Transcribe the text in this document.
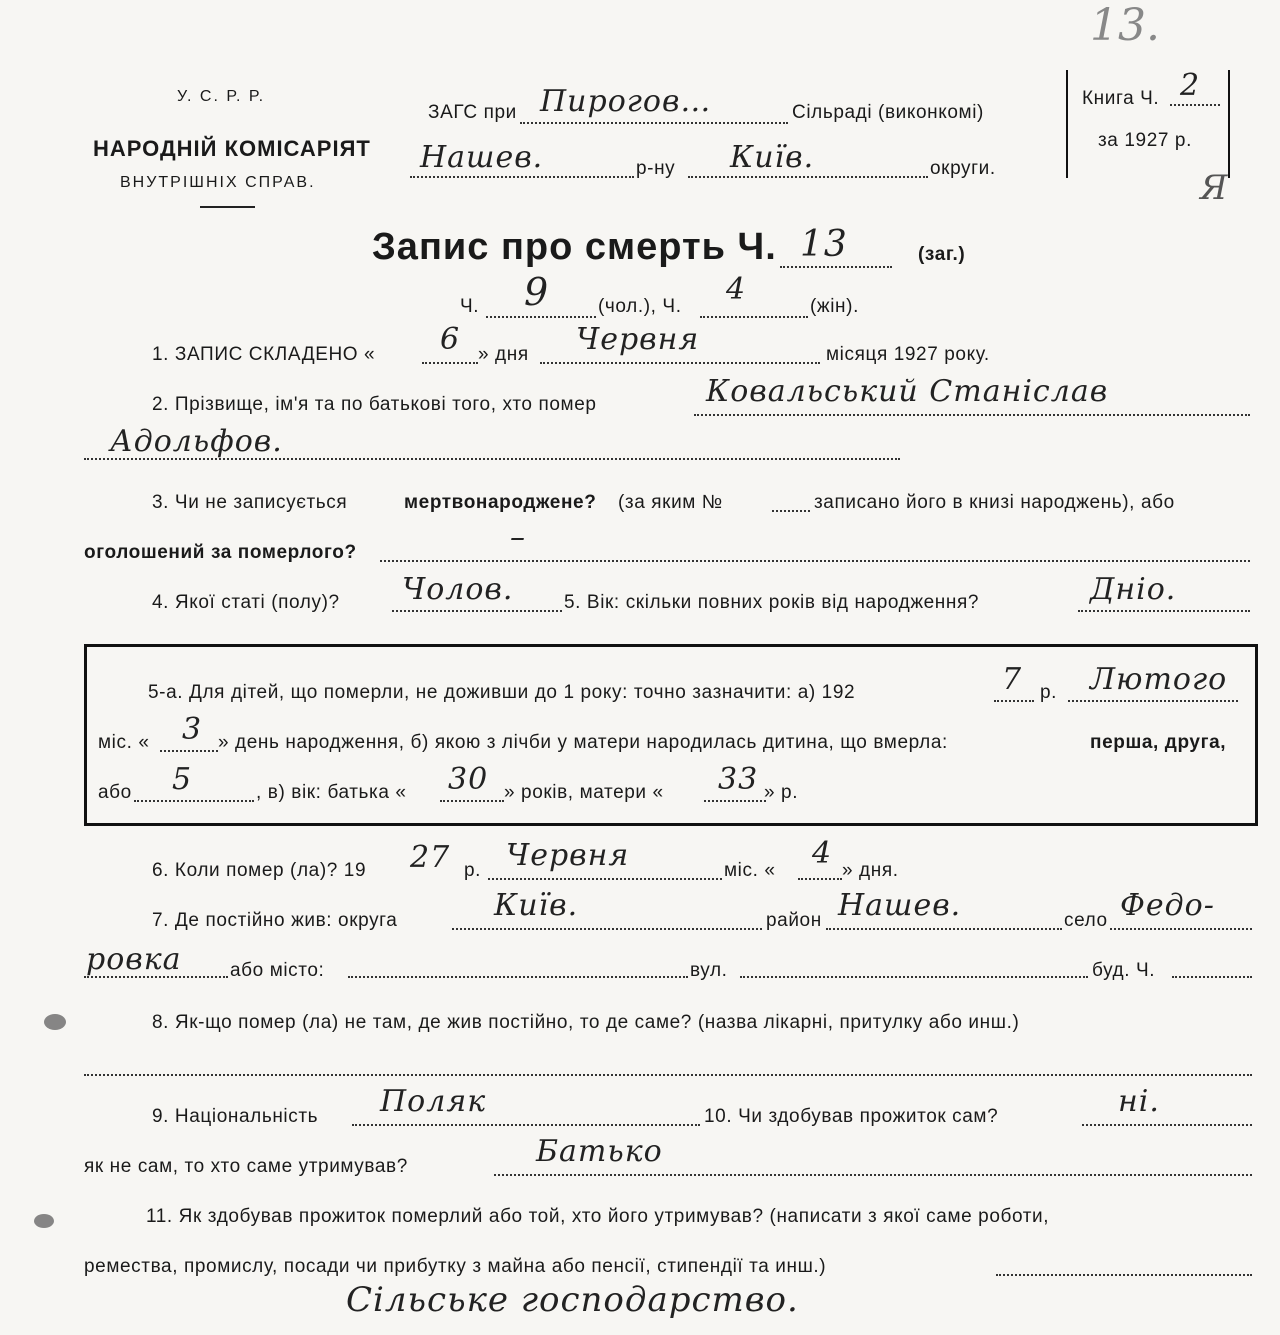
13.
Я
У. С. Р. Р.
НАРОДНІЙ КОМІСАРІЯТ
ВНУТРІШНІХ СПРАВ.
ЗАГС при Пирогов…	Сільраді (виконкомі)
Нашев.	р-ну Київ.	округи.
Книга Ч. 2
за 1927 р.
Запис про смерть Ч. 13	(заг.)
Ч. 9	(чол.), Ч. 4	(жін).
1. ЗАПИС СКЛАДЕНО « 6 » дня Червня	місяця 1927 року.
2. Прізвище, ім'я та по батькові того, хто помер	Ковальський Станіслав
Адольфов.
3. Чи не записується	мертвонароджене? (за яким №	записано його в книзі народжень), або
оголошений за померлого?	–
4. Якої статі (полу)? Чолов.	5. Вік: скільки повних років від народження?	Дніо.
5-а. Для дітей, що померли, не доживши до 1 року: точно зазначити: а) 192	7 р. Лютого
міс. « 3 » день народження, б) якою з лічби у матери народилась дитина, що вмерла:	перша, друга,
або 5	, в) вік: батька « 30 » років, матери « 33 » р.
6. Коли помер (ла)? 19 27 р. Червня	міс. « 4 » дня.
7. Де постійно жив: округа	Київ.	район Нашев.	село Федо-
ровка	або місто:	вул.	буд. Ч.
8. Як-що помер (ла) не там, де жив постійно, то де саме? (назва лікарні, притулку або инш.)
9. Національність Поляк	10. Чи здобував прожиток сам?	ні.
як не сам, то хто саме утримував?	Батько
11. Як здобував прожиток померлий або той, хто його утримував? (написати з якої саме роботи,
ремества, промислу, посади чи прибутку з майна або пенсії, стипендії та инш.)
Сільське господарство.
